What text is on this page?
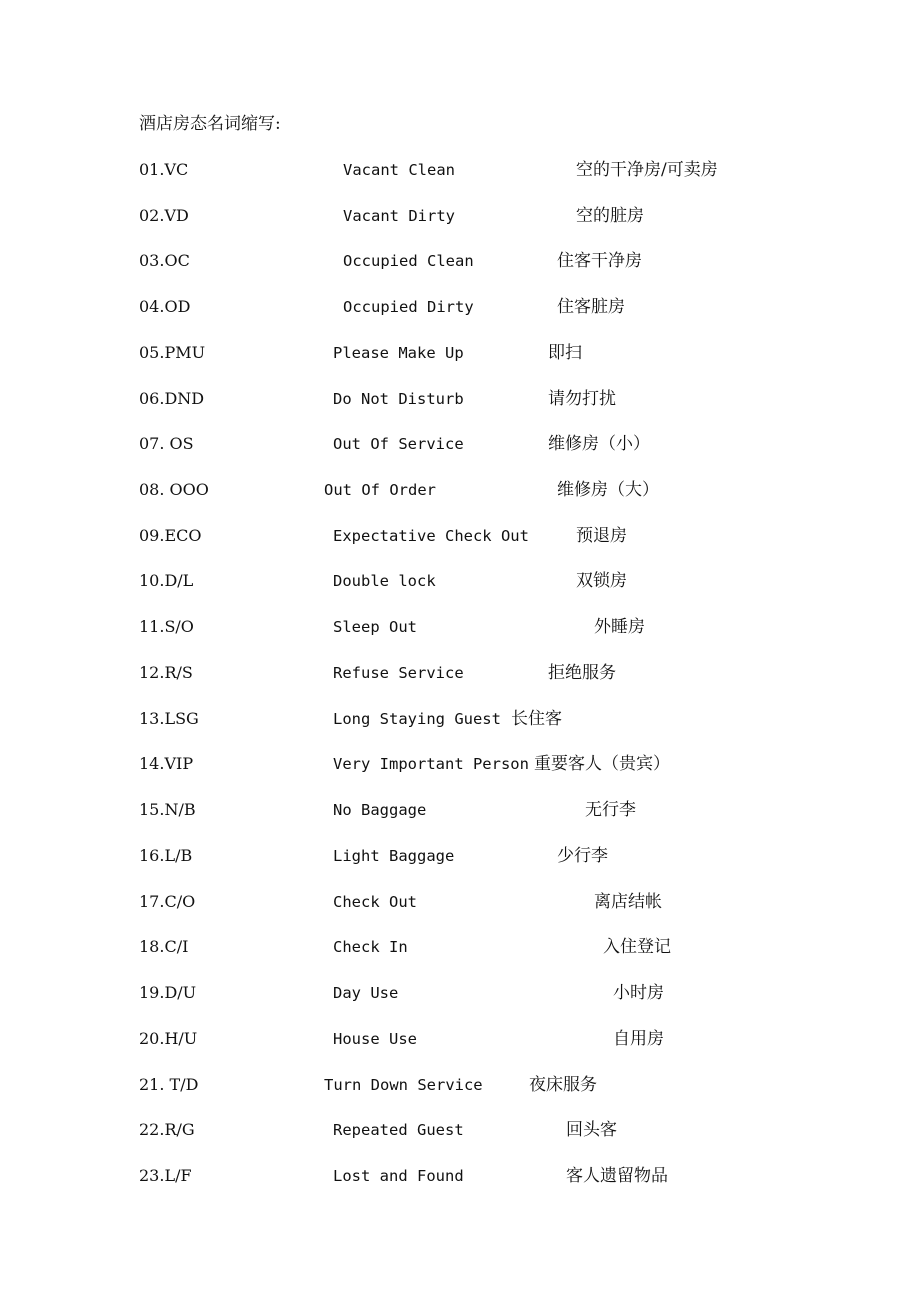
酒店房态名词缩写:
01.VC	Vacant Clean	空的干净房/可卖房
02.VD	Vacant Dirty	空的脏房
03.OC	Occupied Clean	住客干净房
04.OD	Occupied Dirty	住客脏房
05.PMU	Please Make Up	即扫
06.DND	Do Not Disturb	请勿打扰
07. OS	Out Of Service	维修房（小）
08. OOO	Out Of Order	维修房（大）
09.ECO	Expectative Check Out	预退房
10.D/L	Double lock	双锁房
11.S/O	Sleep Out	外睡房
12.R/S	Refuse Service	拒绝服务
13.LSG	Long Staying Guest 长住客
14.VIP	Very Important Person 重要客人（贵宾）
15.N/B	No Baggage	无行李
16.L/B	Light Baggage	少行李
17.C/O	Check Out	离店结帐
18.C/I	Check In	入住登记
19.D/U	Day Use	小时房
20.H/U	House Use	自用房
21. T/D	Turn Down Service	夜床服务
22.R/G	Repeated Guest	回头客
23.L/F	Lost and Found	客人遗留物品
